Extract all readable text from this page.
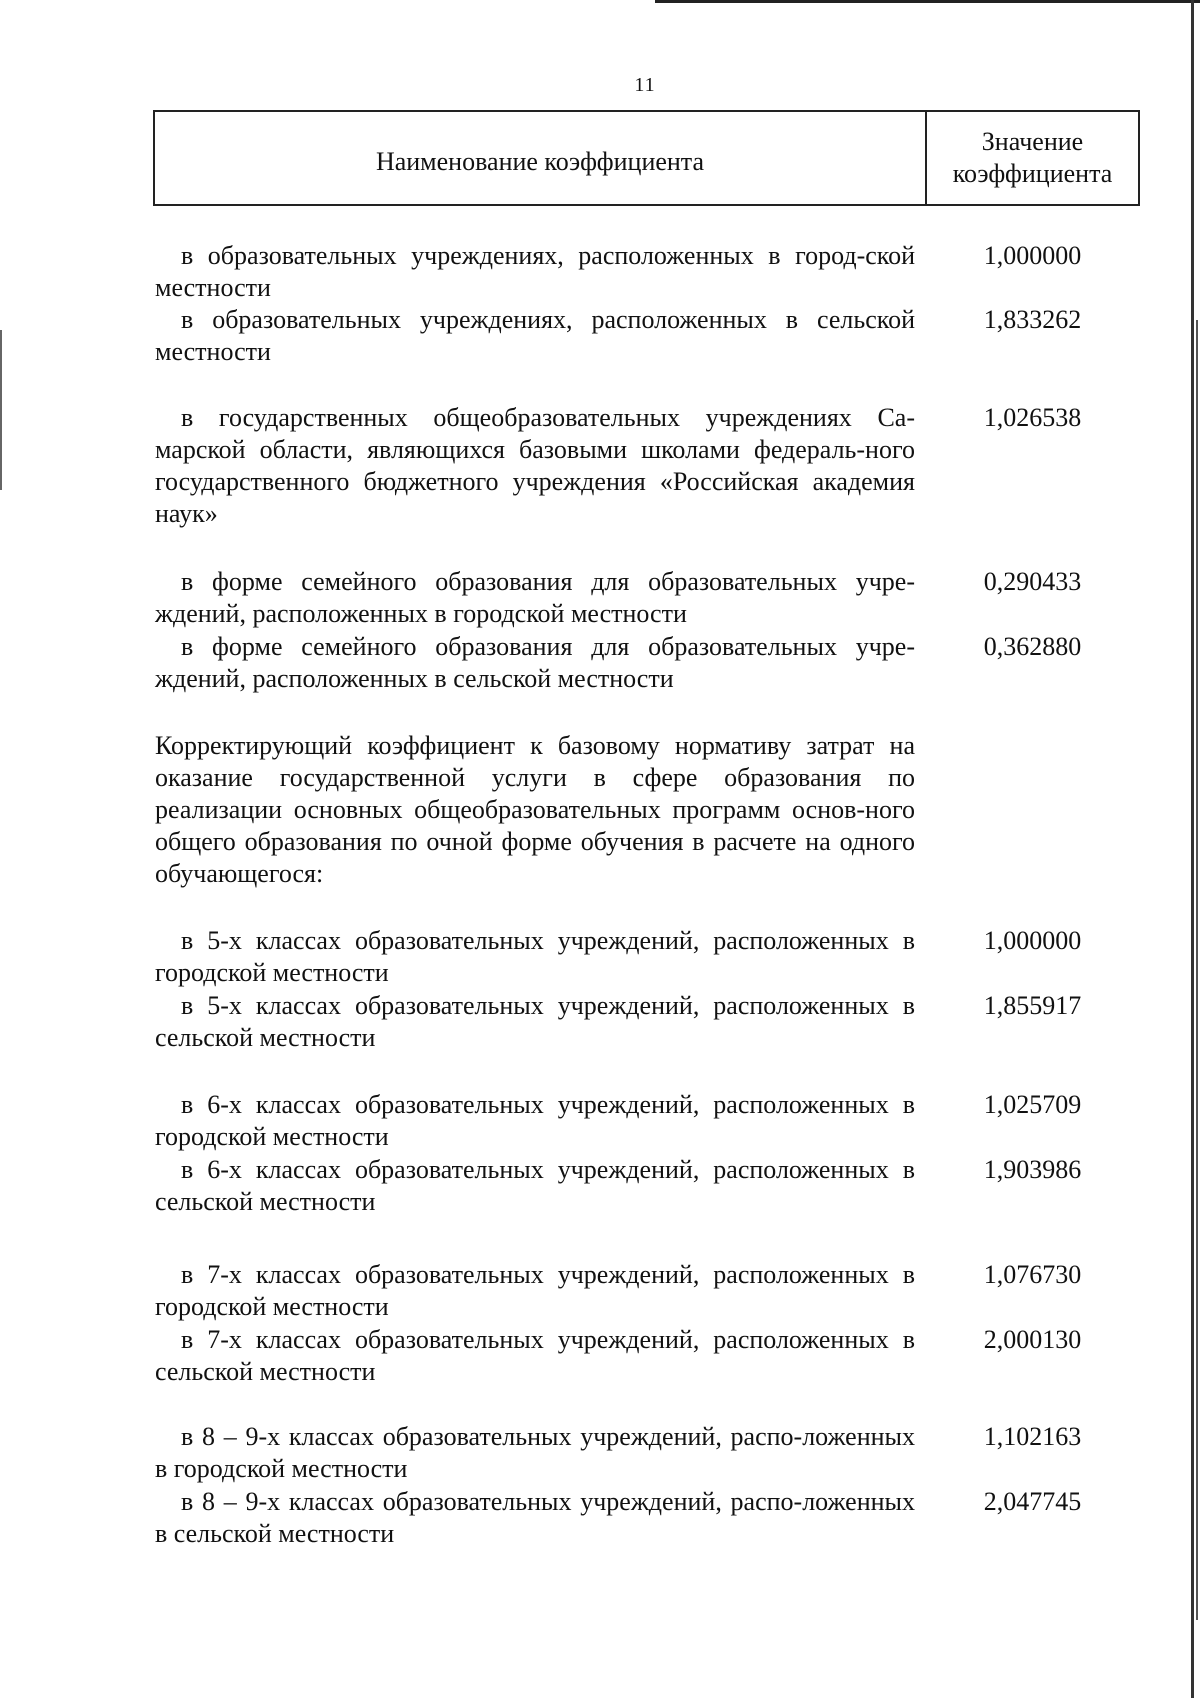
11
Наименование коэффициента
Значение
коэффициента
в образовательных учреждениях, расположенных в город-ской местности
1,000000
в образовательных учреждениях, расположенных в сельской местности
1,833262
в государственных общеобразовательных учреждениях Са-марской области, являющихся базовыми школами федераль-ного государственного бюджетного учреждения «Российская академия наук»
1,026538
в форме семейного образования для образовательных учре-ждений, расположенных в городской местности
0,290433
в форме семейного образования для образовательных учре-ждений, расположенных в сельской местности
0,362880
Корректирующий коэффициент к базовому нормативу затрат на оказание государственной услуги в сфере образования по реализации основных общеобразовательных программ основ-ного общего образования по очной форме обучения в расчете на одного обучающегося:
в 5-х классах образовательных учреждений, расположенных в городской местности
1,000000
в 5-х классах образовательных учреждений, расположенных в сельской местности
1,855917
в 6-х классах образовательных учреждений, расположенных в городской местности
1,025709
в 6-х классах образовательных учреждений, расположенных в сельской местности
1,903986
в 7-х классах образовательных учреждений, расположенных в городской местности
1,076730
в 7-х классах образовательных учреждений, расположенных в сельской местности
2,000130
в 8 – 9-х классах образовательных учреждений, распо-ложенных в городской местности
1,102163
в 8 – 9-х классах образовательных учреждений, распо-ложенных в сельской местности
2,047745
